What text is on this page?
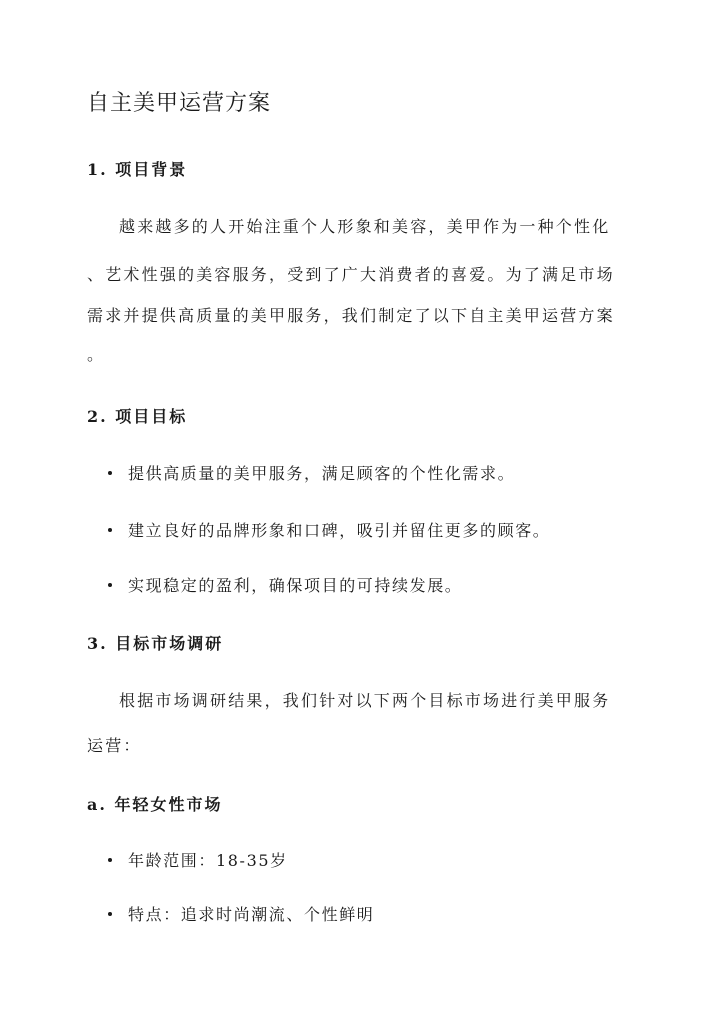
自主美甲运营方案
1. 项目背景
越来越多的人开始注重个人形象和美容，美甲作为一种个性化
、艺术性强的美容服务，受到了广大消费者的喜爱。为了满足市场
需求并提供高质量的美甲服务，我们制定了以下自主美甲运营方案
。
2. 项目目标
提供高质量的美甲服务，满足顾客的个性化需求。
建立良好的品牌形象和口碑，吸引并留住更多的顾客。
实现稳定的盈利，确保项目的可持续发展。
3. 目标市场调研
根据市场调研结果，我们针对以下两个目标市场进行美甲服务
运营：
a. 年轻女性市场
年龄范围：18-35岁
特点：追求时尚潮流、个性鲜明
